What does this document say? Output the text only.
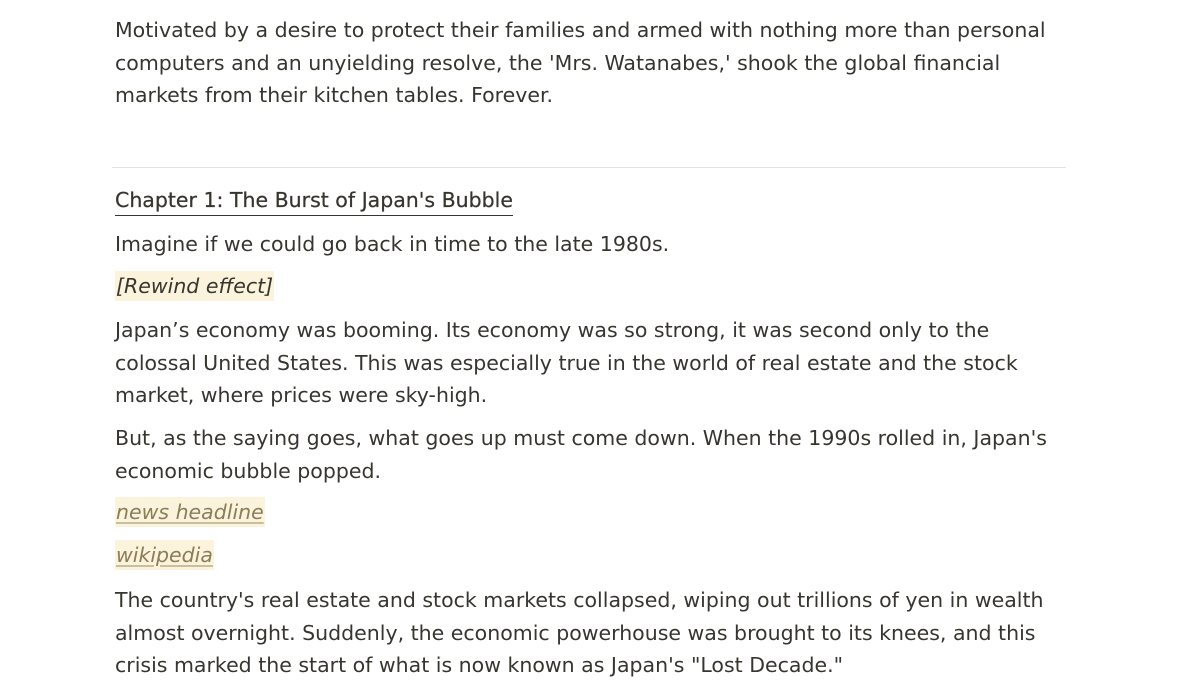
Motivated by a desire to protect their families and armed with nothing more than personal computers and an unyielding resolve, the 'Mrs. Watanabes,' shook the global financial markets from their kitchen tables. Forever.

Chapter 1: The Burst of Japan's Bubble

Imagine if we could go back in time to the late 1980s.

[Rewind effect]

Japan’s economy was booming. Its economy was so strong, it was second only to the colossal United States. This was especially true in the world of real estate and the stock market, where prices were sky-high.

But, as the saying goes, what goes up must come down. When the 1990s rolled in, Japan's economic bubble popped.

news headline
wikipedia

The country's real estate and stock markets collapsed, wiping out trillions of yen in wealth almost overnight. Suddenly, the economic powerhouse was brought to its knees, and this crisis marked the start of what is now known as Japan's "Lost Decade."
